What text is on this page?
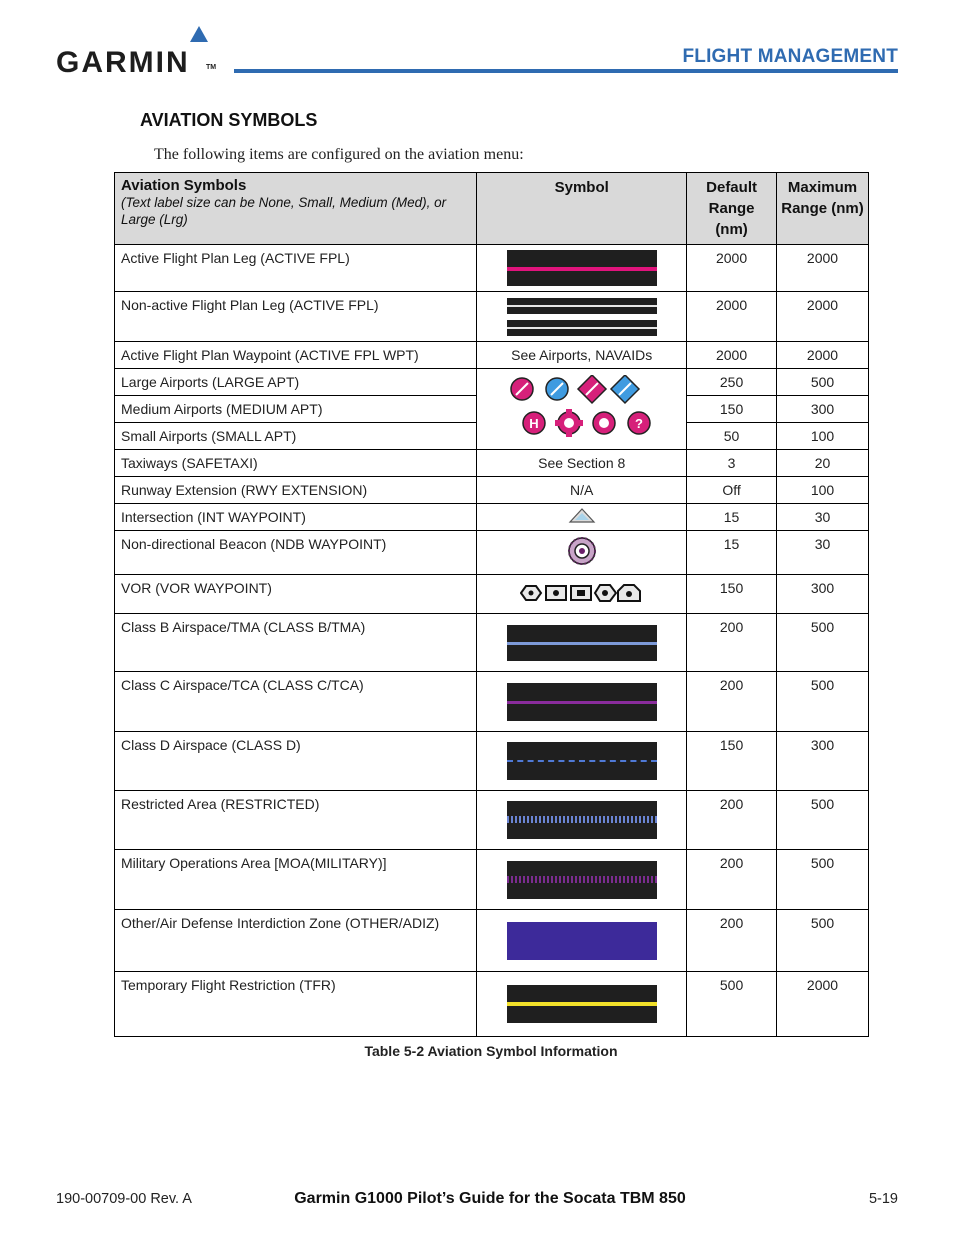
GARMIN TM
FLIGHT MANAGEMENT
AVIATION SYMBOLS
The following items are configured on the aviation menu:
Aviation Symbols
(Text label size can be None, Small, Medium (Med), or Large (Lrg)	Symbol	Default Range (nm)	Maximum Range (nm)
Active Flight Plan Leg (ACTIVE FPL)		2000	2000
Non-active Flight Plan Leg (ACTIVE FPL)		2000	2000
Active Flight Plan Waypoint (ACTIVE FPL WPT)	See Airports, NAVAIDs	2000	2000
Large Airports (LARGE APT)	H ?	250	500
Medium Airports (MEDIUM APT)		150	300
Small Airports (SMALL APT)		50	100
Taxiways (SAFETAXI)	See Section 8	3	20
Runway Extension (RWY EXTENSION)	N/A	Off	100
Intersection (INT WAYPOINT)		15	30
Non-directional Beacon (NDB WAYPOINT)		15	30
VOR (VOR WAYPOINT)		150	300
Class B Airspace/TMA (CLASS B/TMA)		200	500
Class C Airspace/TCA (CLASS C/TCA)		200	500
Class D Airspace (CLASS D)		150	300
Restricted Area (RESTRICTED)		200	500
Military Operations Area [MOA(MILITARY)]		200	500
Other/Air Defense Interdiction Zone (OTHER/ADIZ)		200	500
Temporary Flight Restriction (TFR)		500	2000
Table 5-2 Aviation Symbol Information
190-00709-00 Rev. A	Garmin G1000 Pilot’s Guide for the Socata TBM 850	5-19
